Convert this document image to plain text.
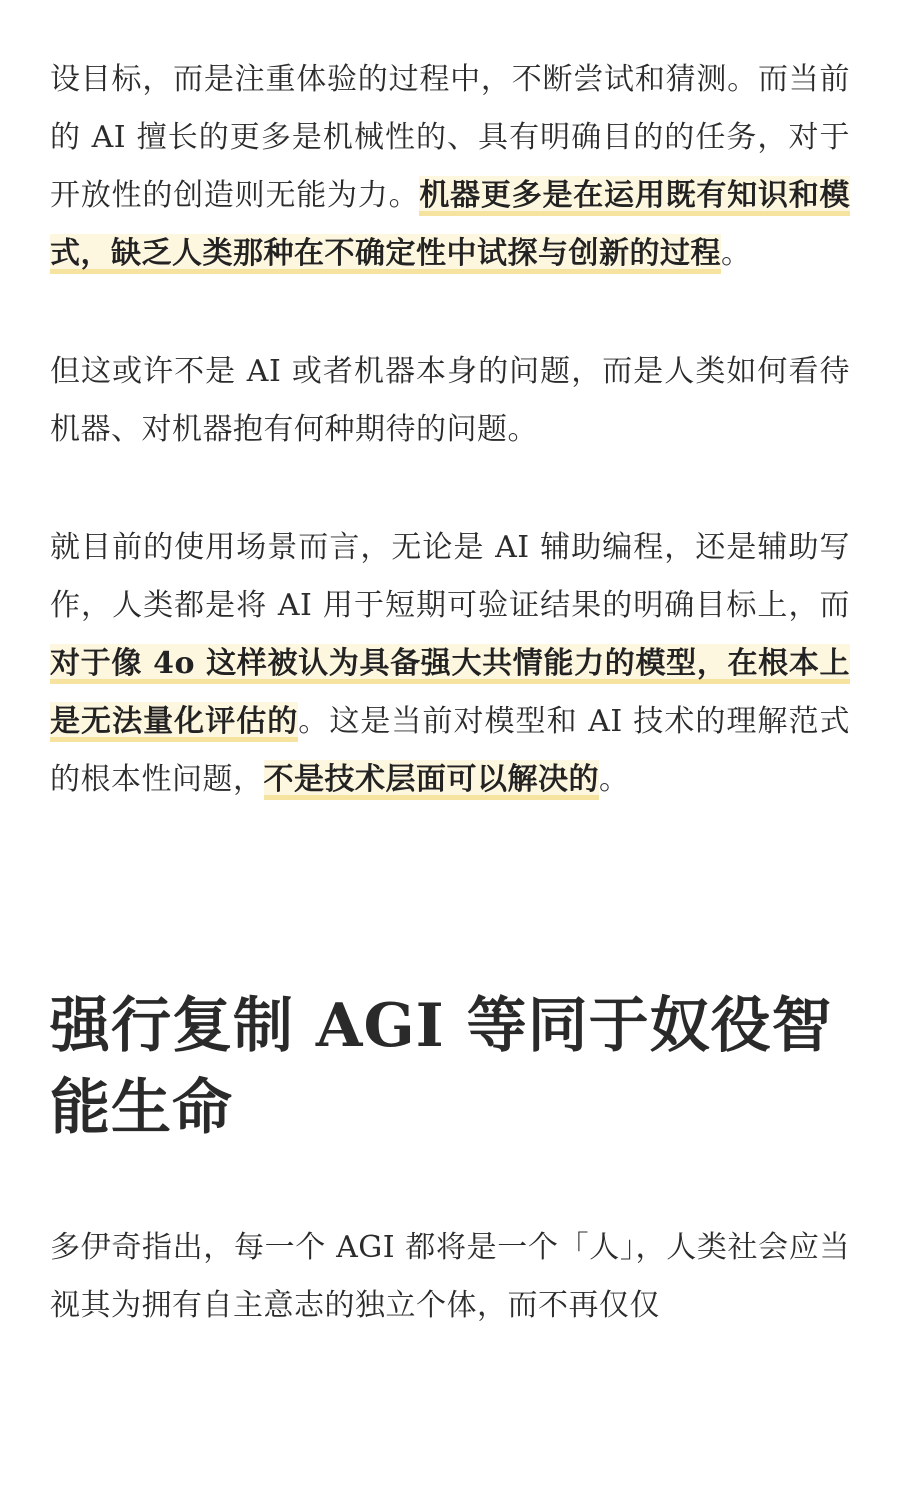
设目标，而是注重体验的过程中，不断尝试和猜测。而当前的 AI 擅长的更多是机械性的、具有明确目的的任务，对于开放性的创造则无能为力。机器更多是在运用既有知识和模式，缺乏人类那种在不确定性中试探与创新的过程。

但这或许不是 AI 或者机器本身的问题，而是人类如何看待机器、对机器抱有何种期待的问题。

就目前的使用场景而言，无论是 AI 辅助编程，还是辅助写作，人类都是将 AI 用于短期可验证结果的明确目标上，而对于像 4o 这样被认为具备强大共情能力的模型，在根本上是无法量化评估的。这是当前对模型和 AI 技术的理解范式的根本性问题，不是技术层面可以解决的。

强行复制 AGI 等同于奴役智能生命

多伊奇指出，每一个 AGI 都将是一个「人」，人类社会应当视其为拥有自主意志的独立个体，而不再仅仅
